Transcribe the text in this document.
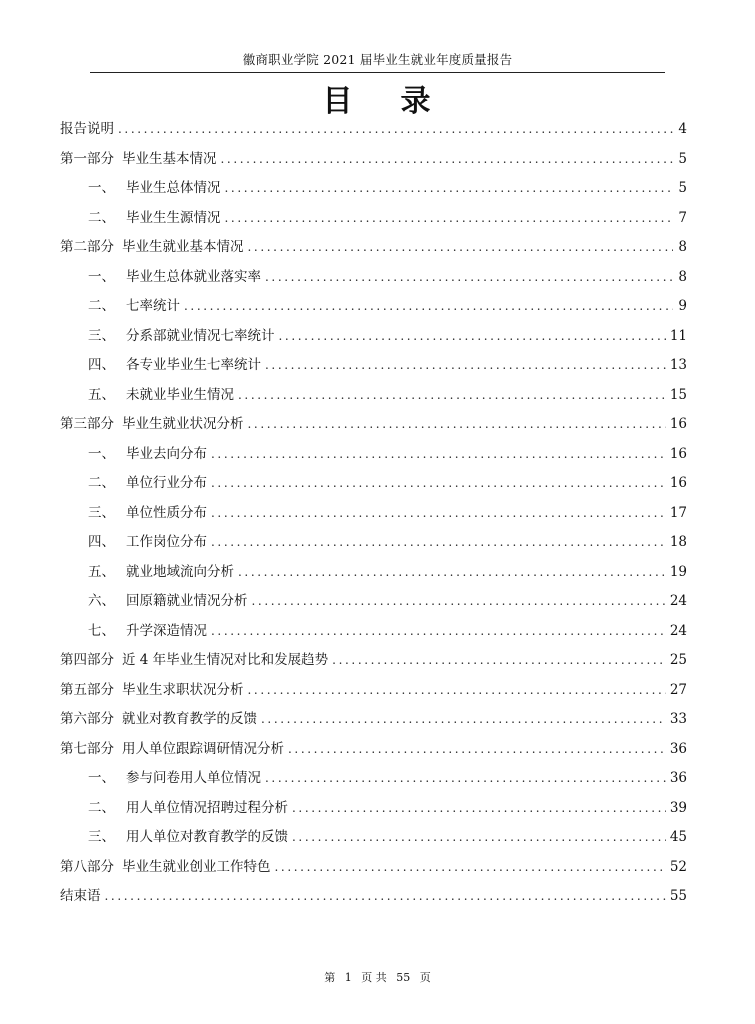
徽商职业学院 2021 届毕业生就业年度质量报告
目 录
报告说明 .....	4
第一部分 毕业生基本情况 .....	5
一、 毕业生总体情况 .....	5
二、 毕业生生源情况 .....	7
第二部分 毕业生就业基本情况 .....	8
一、 毕业生总体就业落实率 .....	8
二、 七率统计 .....	9
三、 分系部就业情况七率统计 .....	11
四、 各专业毕业生七率统计 .....	13
五、 未就业毕业生情况 .....	15
第三部分 毕业生就业状况分析 .....	16
一、 毕业去向分布 .....	16
二、 单位行业分布 .....	16
三、 单位性质分布 .....	17
四、 工作岗位分布 .....	18
五、 就业地域流向分析 .....	19
六、 回原籍就业情况分析 .....	24
七、 升学深造情况 .....	24
第四部分 近 4 年毕业生情况对比和发展趋势 .....	25
第五部分 毕业生求职状况分析 .....	27
第六部分 就业对教育教学的反馈 .....	33
第七部分 用人单位跟踪调研情况分析 .....	36
一、 参与问卷用人单位情况 .....	36
二、 用人单位情况招聘过程分析 .....	39
三、 用人单位对教育教学的反馈 .....	45
第八部分 毕业生就业创业工作特色 .....	52
结束语 .....	55
第 1 页 共 55 页
